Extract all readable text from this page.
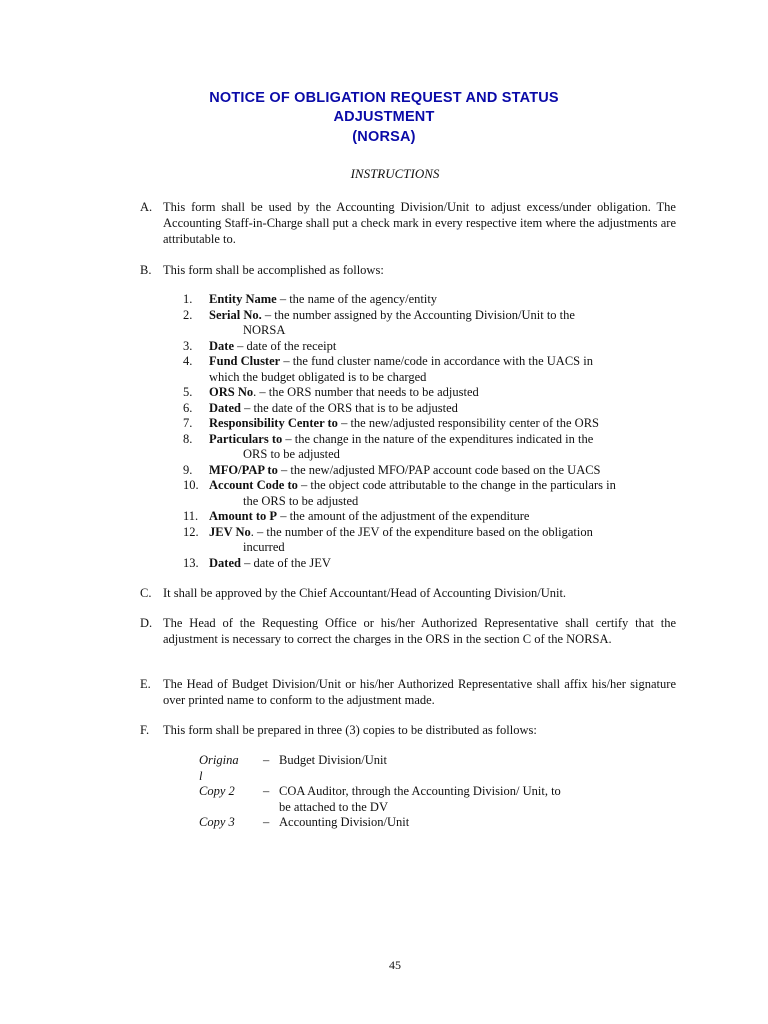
NOTICE OF OBLIGATION REQUEST AND STATUS
ADJUSTMENT
(NORSA)
INSTRUCTIONS
A. This form shall be used by the Accounting Division/Unit to adjust excess/under obligation. The Accounting Staff-in-Charge shall put a check mark in every respective item where the adjustments are attributable to.
B. This form shall be accomplished as follows:
1. Entity Name – the name of the agency/entity
2. Serial No. – the number assigned by the Accounting Division/Unit to the
NORSA
3. Date – date of the receipt
4. Fund Cluster – the fund cluster name/code in accordance with the UACS in
which the budget obligated is to be charged
5. ORS No. – the ORS number that needs to be adjusted
6. Dated – the date of the ORS that is to be adjusted
7. Responsibility Center to – the new/adjusted responsibility center of the ORS
8. Particulars to – the change in the nature of the expenditures indicated in the
ORS to be adjusted
9. MFO/PAP to – the new/adjusted MFO/PAP account code based on the UACS
10. Account Code to – the object code attributable to the change in the particulars in
the ORS to be adjusted
11. Amount to P – the amount of the adjustment of the expenditure
12. JEV No. – the number of the JEV of the expenditure based on the obligation
incurred
13. Dated – date of the JEV
C. It shall be approved by the Chief Accountant/Head of Accounting Division/Unit.
D. The Head of the Requesting Office or his/her Authorized Representative shall certify that the adjustment is necessary to correct the charges in the ORS in the section C of the NORSA.
E. The Head of Budget Division/Unit or his/her Authorized Representative shall affix his/her signature over printed name to conform to the adjustment made.
F. This form shall be prepared in three (3) copies to be distributed as follows:
Original
– Budget Division/Unit
Copy 2	– COA Auditor, through the Accounting Division/ Unit, to
be attached to the DV
Copy 3	– Accounting Division/Unit
45
